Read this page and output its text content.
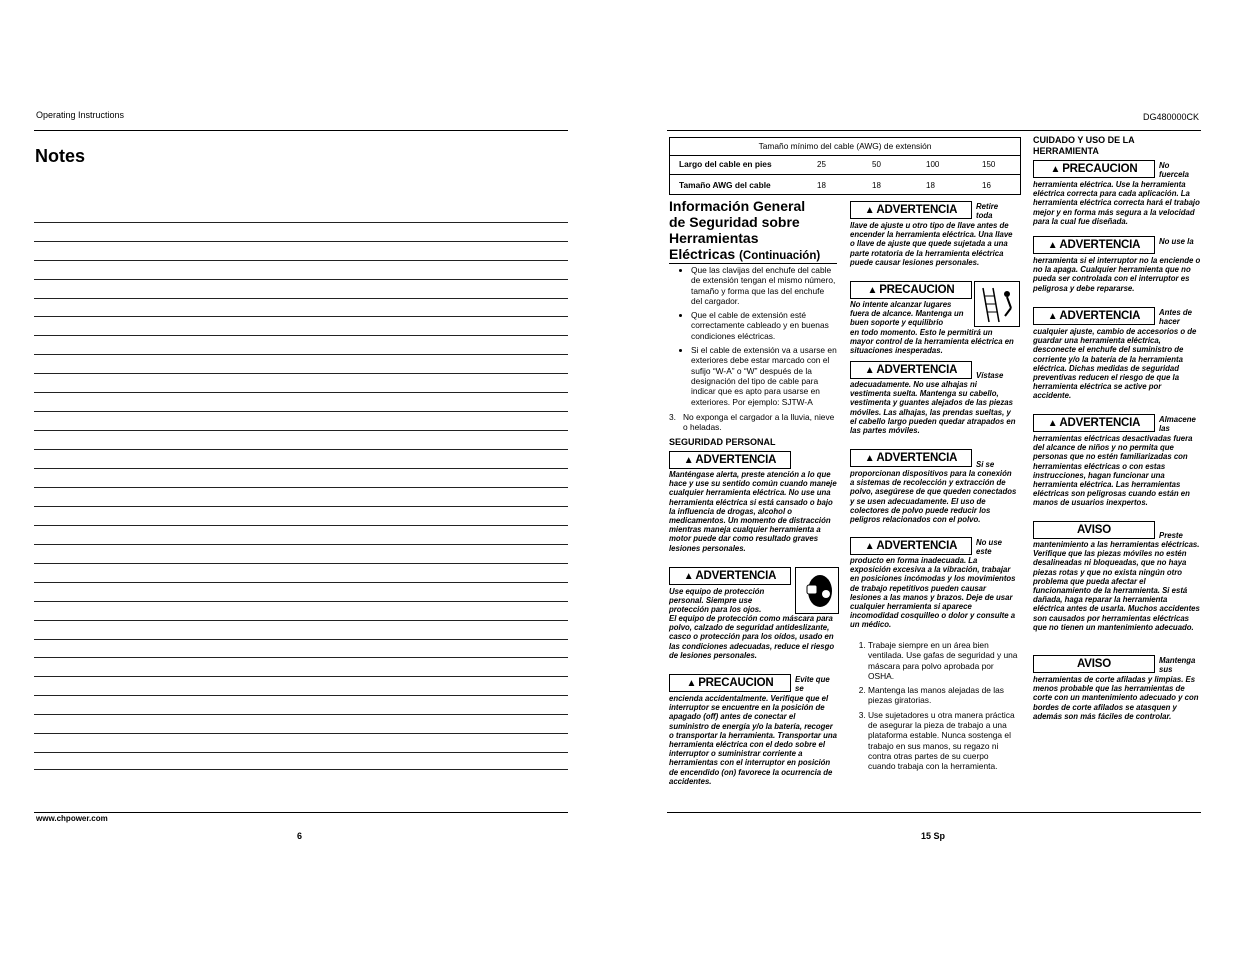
Operating Instructions
Notes
www.chpower.com
6
DG480000CK
Tamaño mínimo del cable (AWG) de extensión
Largo del cable en pies	25	50	100	150
Tamaño AWG del cable	18	18	18	16
Información General
de Seguridad sobre
Herramientas
Eléctricas (Continuación)
• Que las clavijas del enchufe del cable de extensión tengan el mismo número, tamaño y forma que las del enchufe del cargador.
• Que el cable de extensión esté correctamente cableado y en buenas condiciones eléctricas.
• Si el cable de extensión va a usarse en exteriores debe estar marcado con el sufijo “W-A” o “W” después de la designación del tipo de cable para indicar que es apto para usarse en exteriores. Por ejemplo: SJTW-A
3. No exponga el cargador a la lluvia, nieve o heladas.
SEGURIDAD PERSONAL
▲ ADVERTENCIA
Manténgase alerta, preste atención a lo que hace y use su sentido común cuando maneje cualquier herramienta eléctrica. No use una herramienta eléctrica si está cansado o bajo la influencia de drogas, alcohol o medicamentos. Un momento de distracción mientras maneja cualquier herramienta a motor puede dar como resultado graves lesiones personales.
▲ ADVERTENCIA
Use equipo de protección personal. Siempre use protección para los ojos.
El equipo de protección como máscara para polvo, calzado de seguridad antideslizante, casco o protección para los oídos, usado en las condiciones adecuadas, reduce el riesgo de lesiones personales.
▲ PRECAUCION	Evite que se
encienda accidentalmente. Verifique que el interruptor se encuentre en la posición de apagado (off) antes de conectar el suministro de energía y/o la batería, recoger o transportar la herramienta. Transportar una herramienta eléctrica con el dedo sobre el interruptor o suministrar corriente a herramientas con el interruptor en posición de encendido (on) favorece la ocurrencia de accidentes.
▲ ADVERTENCIA Retire toda
llave de ajuste u otro tipo de llave antes de encender la herramienta eléctrica. Una llave o llave de ajuste que quede sujetada a una parte rotatoria de la herramienta eléctrica puede causar lesiones personales.
▲ PRECAUCION
No intente alcanzar lugares fuera de alcance. Mantenga un buen soporte y equilibrio
en todo momento. Esto le permitirá un mayor control de la herramienta eléctrica en situaciones inesperadas.
▲ ADVERTENCIA Vístase
adecuadamente. No use alhajas ni vestimenta suelta. Mantenga su cabello, vestimenta y guantes alejados de las piezas móviles. Las alhajas, las prendas sueltas, y el cabello largo pueden quedar atrapados en las partes móviles.
▲ ADVERTENCIA
Si se
proporcionan dispositivos para la conexión a sistemas de recolección y extracción de polvo, asegúrese de que queden conectados y se usen adecuadamente. El uso de colectores de polvo puede reducir los peligros relacionados con el polvo.
▲ ADVERTENCIA No use este
producto en forma inadecuada. La exposición excesiva a la vibración, trabajar en posiciones incómodas y los movimientos de trabajo repetitivos pueden causar lesiones a las manos y brazos. Deje de usar cualquier herramienta si aparece incomodidad cosquilleo o dolor y consulte a un médico.
1. Trabaje siempre en un área bien ventilada. Use gafas de seguridad y una máscara para polvo aprobada por OSHA.
2. Mantenga las manos alejadas de las piezas giratorias.
3. Use sujetadores u otra manera práctica de asegurar la pieza de trabajo a una plataforma estable. Nunca sostenga el trabajo en sus manos, su regazo ni contra otras partes de su cuerpo cuando trabaja con la herramienta.
CUIDADO Y USO DE LA
HERRAMIENTA
▲ PRECAUCION	No fuercela
herramienta eléctrica. Use la herramienta eléctrica correcta para cada aplicación. La herramienta eléctrica correcta hará el trabajo mejor y en forma más segura a la velocidad para la cual fue diseñada.
▲ ADVERTENCIA No use la
herramienta si el interruptor no la enciende o no la apaga. Cualquier herramienta que no pueda ser controlada con el interruptor es peligrosa y debe repararse.
▲ ADVERTENCIA Antes de hacer
cualquier ajuste, cambio de accesorios o de guardar una herramienta eléctrica, desconecte el enchufe del suministro de corriente y/o la batería de la herramienta eléctrica. Dichas medidas de seguridad preventivas reducen el riesgo de que la herramienta eléctrica se active por accidente.
▲ ADVERTENCIA Almacene las
herramientas eléctricas desactivadas fuera del alcance de niños y no permita que personas que no estén familiarizadas con herramientas eléctricas o con estas instrucciones, hagan funcionar una herramienta eléctrica. Las herramientas eléctricas son peligrosas cuando están en manos de usuarios inexpertos.
AVISO	Preste
mantenimiento a las herramientas eléctricas. Verifique que las piezas móviles no estén desalineadas ni bloqueadas, que no haya piezas rotas y que no exista ningún otro problema que pueda afectar el funcionamiento de la herramienta. Si está dañada, haga reparar la herramienta eléctrica antes de usarla. Muchos accidentes son causados por herramientas eléctricas que no tienen un mantenimiento adecuado.
AVISO	Mantenga sus
herramientas de corte afiladas y limpias. Es menos probable que las herramientas de corte con un mantenimiento adecuado y con bordes de corte afilados se atasquen y además son más fáciles de controlar.
15 Sp
